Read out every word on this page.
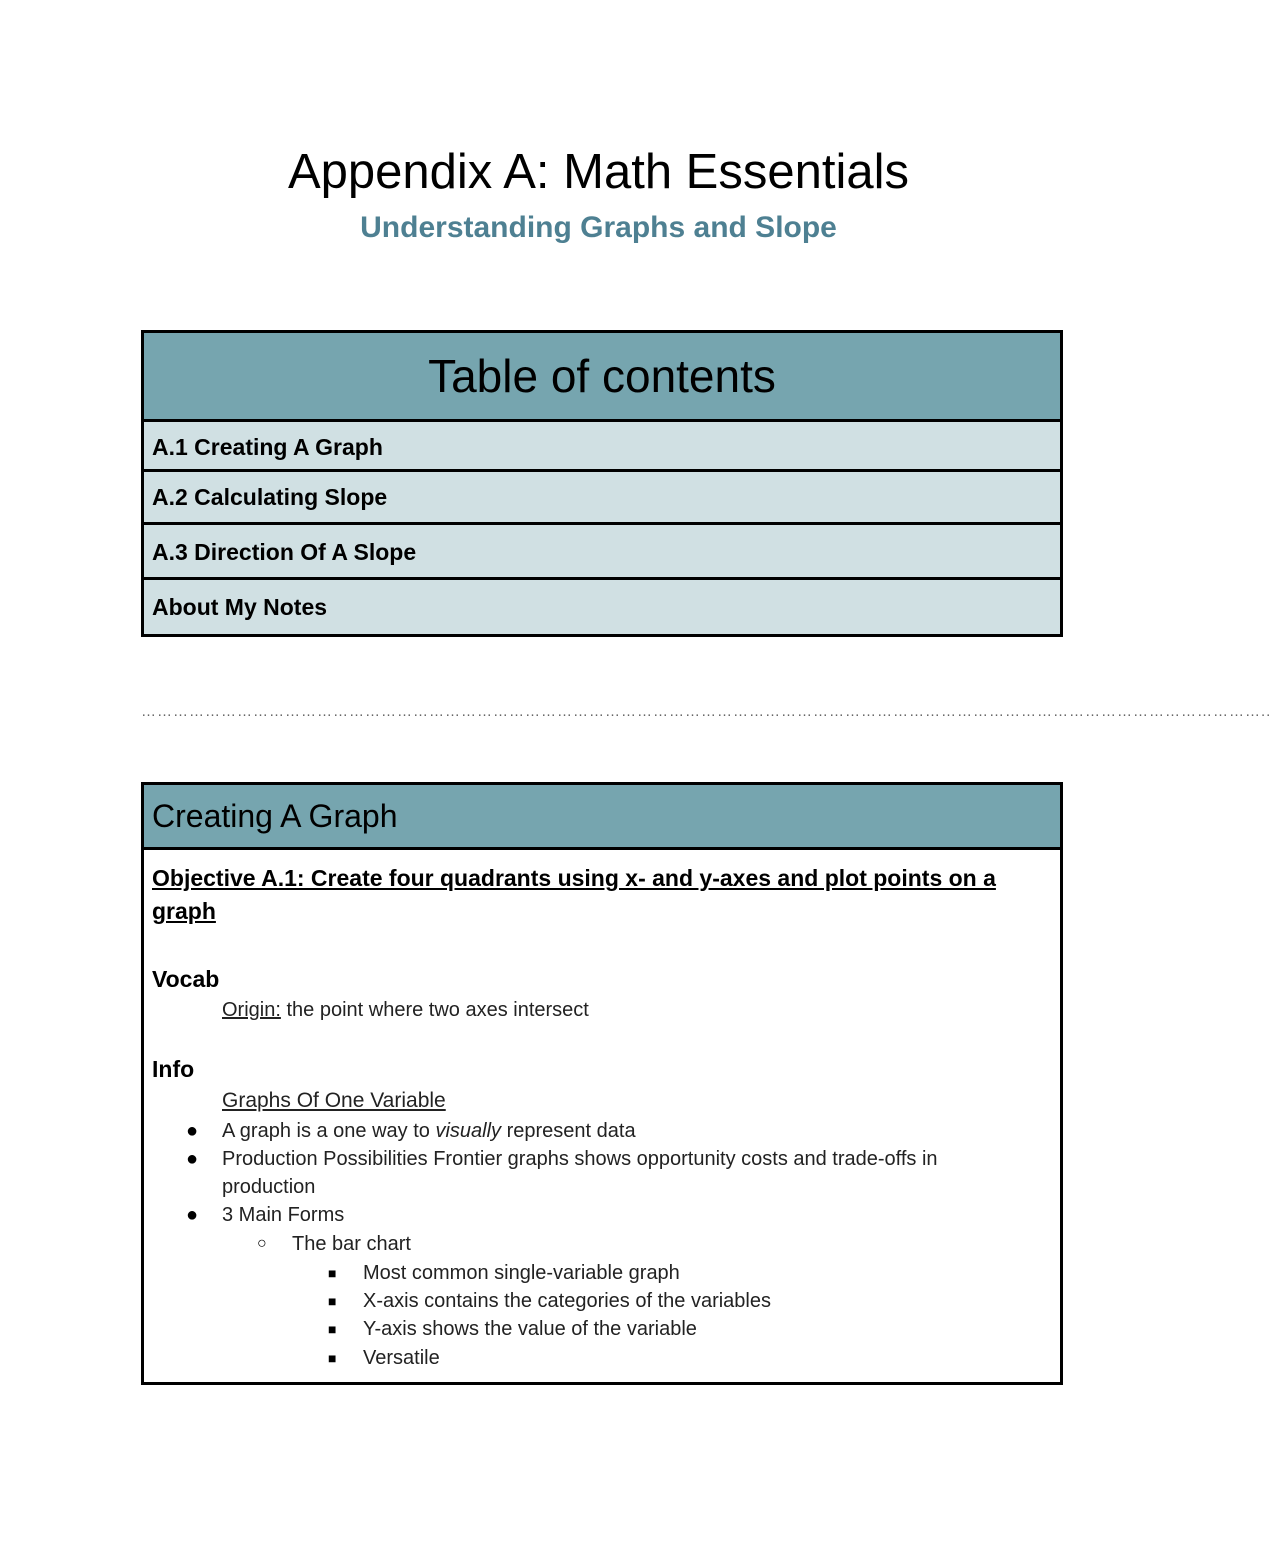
Appendix A: Math Essentials
Understanding Graphs and Slope
Table of contents
A.1 Creating A Graph
A.2 Calculating Slope
A.3 Direction Of A Slope
About My Notes
…………………………………………………………………………………………………………………………………………………………………………………………..
Creating A Graph
Objective A.1: Create four quadrants using x- and y-axes and plot points on a graph
Vocab
Origin: the point where two axes intersect
Info
Graphs Of One Variable
● A graph is a one way to visually represent data
● Production Possibilities Frontier graphs shows opportunity costs and trade-offs in production
● 3 Main Forms
○ The bar chart
■ Most common single-variable graph
■ X-axis contains the categories of the variables
■ Y-axis shows the value of the variable
■ Versatile
